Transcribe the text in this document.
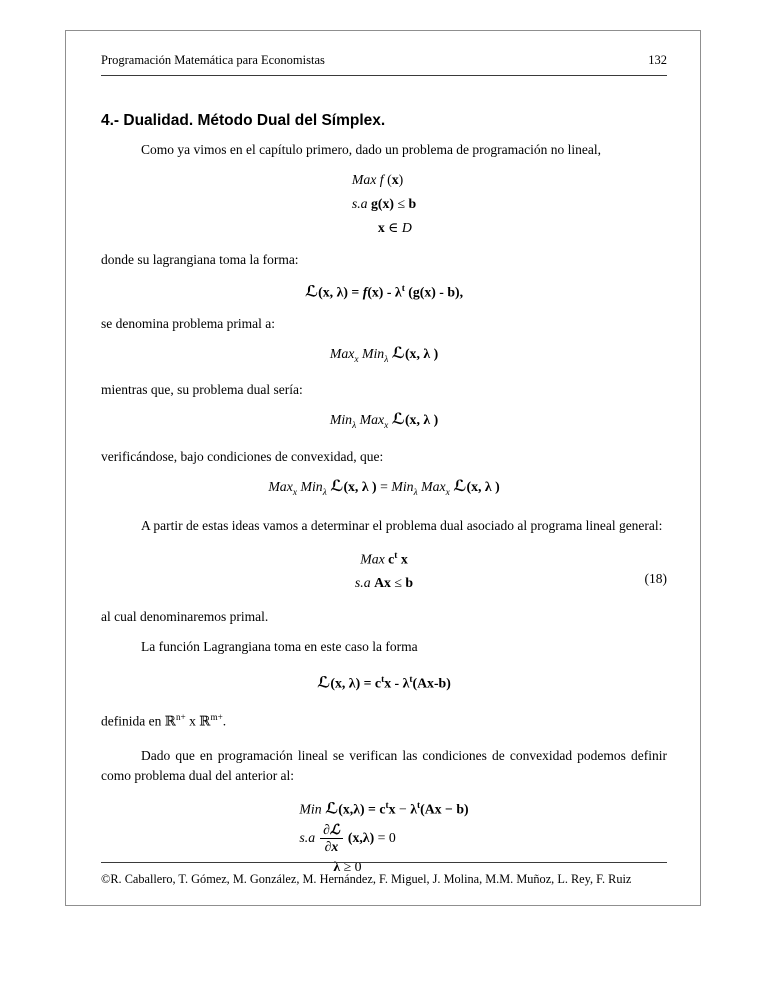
Programación Matemática para Economistas	132
4.- Dualidad. Método Dual del Símplex.

Como ya vimos en el capítulo primero, dado un problema de programación no lineal,

Max f (x)
s.a g(x) ≤ b
x ∈ D

donde su lagrangiana toma la forma:

ℒ(x, $\lambda) = f(x) - \lambda^t$ (g(x) - b),

se denomina problema primal a:

Max$_x$ Min$_\lambda$ ℒ(x, λ )

mientras que, su problema dual sería:

Min$_\lambda$ Max$_x$ ℒ(x, λ )

verificándose, bajo condiciones de convexidad, que:

Max$_x$ Min$_\lambda$ ℒ(x, λ ) = Min$_\lambda$ Max$_x$ ℒ(x, λ )

A partir de estas ideas vamos a determinar el problema dual asociado al programa lineal general:

Max $c^t$ x
s.a Ax ≤ b	(18)

al cual denominaremos primal.

La función Lagrangiana toma en este caso la forma

ℒ(x, $\lambda) = c^tx - \lambda^t(Ax-b)$

definida en ℝ$^{n+}$ x ℝ$^{m+}$.

Dado que en programación lineal se verifican las condiciones de convexidad podemos definir como problema dual del anterior al:

Min ℒ(x,λ) = $c^tx - \lambda^t(Ax - b)$
$s.a \frac{\text{∂ℒ}}{\partial x} (x,\lambda) = 0$
λ ≥ 0
©R. Caballero, T. Gómez, M. González, M. Hernández, F. Miguel, J. Molina, M.M. Muñoz, L. Rey, F. Ruiz
